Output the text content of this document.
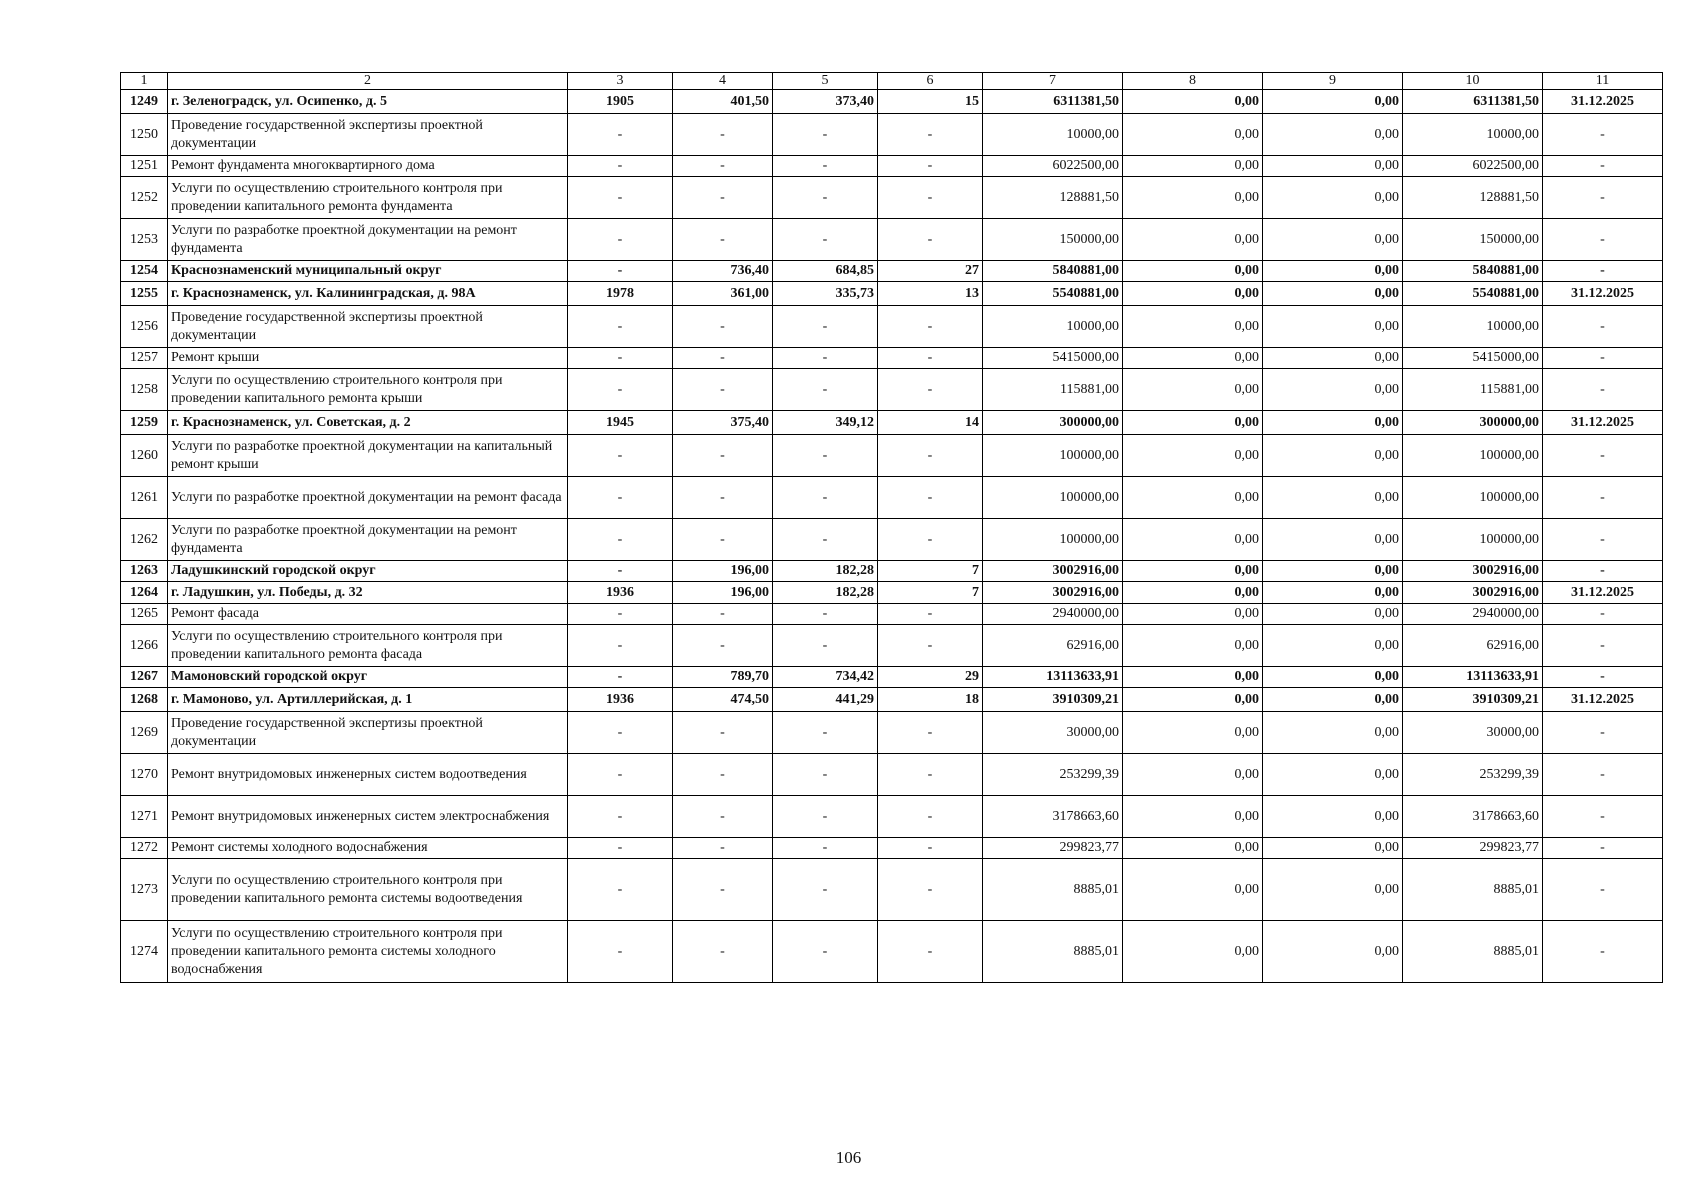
1	2	3	4	5	6	7	8	9	10	11
1249	г. Зеленоградск, ул. Осипенко, д. 5	1905	401,50	373,40	15	6311381,50	0,00	0,00	6311381,50	31.12.2025
1250	Проведение государственной экспертизы проектной документации	-	-	-	-	10000,00	0,00	0,00	10000,00	-
1251	Ремонт фундамента многоквартирного дома	-	-	-	-	6022500,00	0,00	0,00	6022500,00	-
1252	Услуги по осуществлению строительного контроля при проведении капитального ремонта фундамента	-	-	-	-	128881,50	0,00	0,00	128881,50	-
1253	Услуги по разработке проектной документации на ремонт фундамента	-	-	-	-	150000,00	0,00	0,00	150000,00	-
1254	Краснознаменский муниципальный округ	-	736,40	684,85	27	5840881,00	0,00	0,00	5840881,00	-
1255	г. Краснознаменск, ул. Калининградская, д. 98А	1978	361,00	335,73	13	5540881,00	0,00	0,00	5540881,00	31.12.2025
1256	Проведение государственной экспертизы проектной документации	-	-	-	-	10000,00	0,00	0,00	10000,00	-
1257	Ремонт крыши	-	-	-	-	5415000,00	0,00	0,00	5415000,00	-
1258	Услуги по осуществлению строительного контроля при проведении капитального ремонта крыши	-	-	-	-	115881,00	0,00	0,00	115881,00	-
1259	г. Краснознаменск, ул. Советская, д. 2	1945	375,40	349,12	14	300000,00	0,00	0,00	300000,00	31.12.2025
1260	Услуги по разработке проектной документации на капитальный ремонт крыши	-	-	-	-	100000,00	0,00	0,00	100000,00	-
1261	Услуги по разработке проектной документации на ремонт фасада	-	-	-	-	100000,00	0,00	0,00	100000,00	-
1262	Услуги по разработке проектной документации на ремонт фундамента	-	-	-	-	100000,00	0,00	0,00	100000,00	-
1263	Ладушкинский городской округ	-	196,00	182,28	7	3002916,00	0,00	0,00	3002916,00	-
1264	г. Ладушкин, ул. Победы, д. 32	1936	196,00	182,28	7	3002916,00	0,00	0,00	3002916,00	31.12.2025
1265	Ремонт фасада	-	-	-	-	2940000,00	0,00	0,00	2940000,00	-
1266	Услуги по осуществлению строительного контроля при проведении капитального ремонта фасада	-	-	-	-	62916,00	0,00	0,00	62916,00	-
1267	Мамоновский городской округ	-	789,70	734,42	29	13113633,91	0,00	0,00	13113633,91	-
1268	г. Мамоново, ул. Артиллерийская, д. 1	1936	474,50	441,29	18	3910309,21	0,00	0,00	3910309,21	31.12.2025
1269	Проведение государственной экспертизы проектной документации	-	-	-	-	30000,00	0,00	0,00	30000,00	-
1270	Ремонт внутридомовых инженерных систем водоотведения	-	-	-	-	253299,39	0,00	0,00	253299,39	-
1271	Ремонт внутридомовых инженерных систем электроснабжения	-	-	-	-	3178663,60	0,00	0,00	3178663,60	-
1272	Ремонт системы холодного водоснабжения	-	-	-	-	299823,77	0,00	0,00	299823,77	-
1273	Услуги по осуществлению строительного контроля при проведении капитального ремонта системы водоотведения	-	-	-	-	8885,01	0,00	0,00	8885,01	-
1274	Услуги по осуществлению строительного контроля при проведении капитального ремонта системы холодного водоснабжения	-	-	-	-	8885,01	0,00	0,00	8885,01	-
106
